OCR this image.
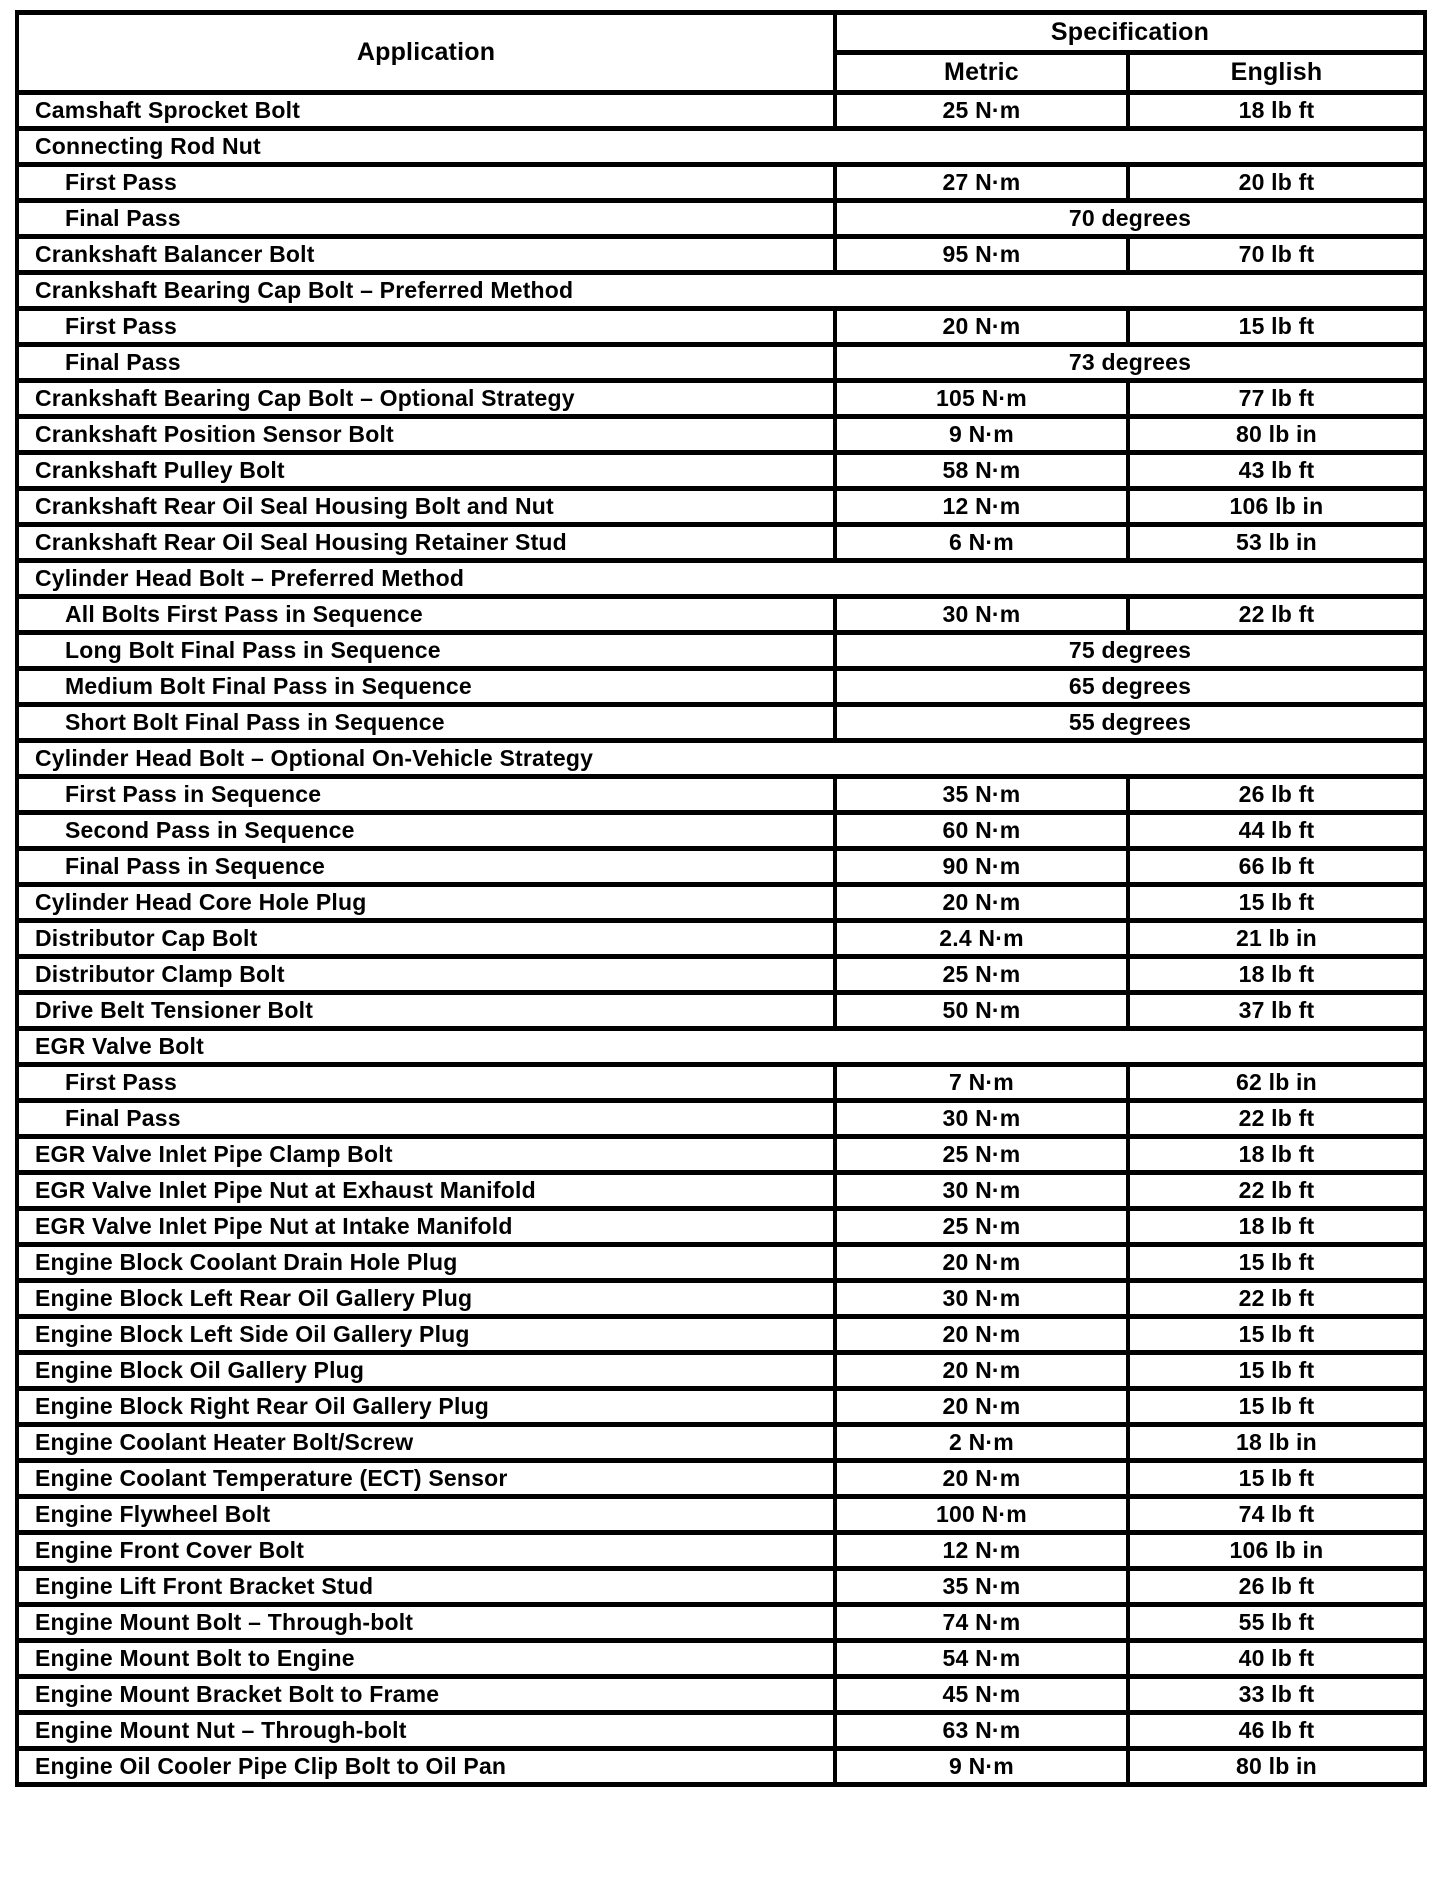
Application	Specification	
	Metric	English
Camshaft Sprocket Bolt	25 N·m	18 lb ft
Connecting Rod Nut		
First Pass	27 N·m	20 lb ft
Final Pass	70 degrees	
Crankshaft Balancer Bolt	95 N·m	70 lb ft
Crankshaft Bearing Cap Bolt – Preferred Method		
First Pass	20 N·m	15 lb ft
Final Pass	73 degrees	
Crankshaft Bearing Cap Bolt – Optional Strategy	105 N·m	77 lb ft
Crankshaft Position Sensor Bolt	9 N·m	80 lb in
Crankshaft Pulley Bolt	58 N·m	43 lb ft
Crankshaft Rear Oil Seal Housing Bolt and Nut	12 N·m	106 lb in
Crankshaft Rear Oil Seal Housing Retainer Stud	6 N·m	53 lb in
Cylinder Head Bolt – Preferred Method		
All Bolts First Pass in Sequence	30 N·m	22 lb ft
Long Bolt Final Pass in Sequence	75 degrees	
Medium Bolt Final Pass in Sequence	65 degrees	
Short Bolt Final Pass in Sequence	55 degrees	
Cylinder Head Bolt – Optional On-Vehicle Strategy		
First Pass in Sequence	35 N·m	26 lb ft
Second Pass in Sequence	60 N·m	44 lb ft
Final Pass in Sequence	90 N·m	66 lb ft
Cylinder Head Core Hole Plug	20 N·m	15 lb ft
Distributor Cap Bolt	2.4 N·m	21 lb in
Distributor Clamp Bolt	25 N·m	18 lb ft
Drive Belt Tensioner Bolt	50 N·m	37 lb ft
EGR Valve Bolt		
First Pass	7 N·m	62 lb in
Final Pass	30 N·m	22 lb ft
EGR Valve Inlet Pipe Clamp Bolt	25 N·m	18 lb ft
EGR Valve Inlet Pipe Nut at Exhaust Manifold	30 N·m	22 lb ft
EGR Valve Inlet Pipe Nut at Intake Manifold	25 N·m	18 lb ft
Engine Block Coolant Drain Hole Plug	20 N·m	15 lb ft
Engine Block Left Rear Oil Gallery Plug	30 N·m	22 lb ft
Engine Block Left Side Oil Gallery Plug	20 N·m	15 lb ft
Engine Block Oil Gallery Plug	20 N·m	15 lb ft
Engine Block Right Rear Oil Gallery Plug	20 N·m	15 lb ft
Engine Coolant Heater Bolt/Screw	2 N·m	18 lb in
Engine Coolant Temperature (ECT) Sensor	20 N·m	15 lb ft
Engine Flywheel Bolt	100 N·m	74 lb ft
Engine Front Cover Bolt	12 N·m	106 lb in
Engine Lift Front Bracket Stud	35 N·m	26 lb ft
Engine Mount Bolt – Through-bolt	74 N·m	55 lb ft
Engine Mount Bolt to Engine	54 N·m	40 lb ft
Engine Mount Bracket Bolt to Frame	45 N·m	33 lb ft
Engine Mount Nut – Through-bolt	63 N·m	46 lb ft
Engine Oil Cooler Pipe Clip Bolt to Oil Pan	9 N·m	80 lb in
